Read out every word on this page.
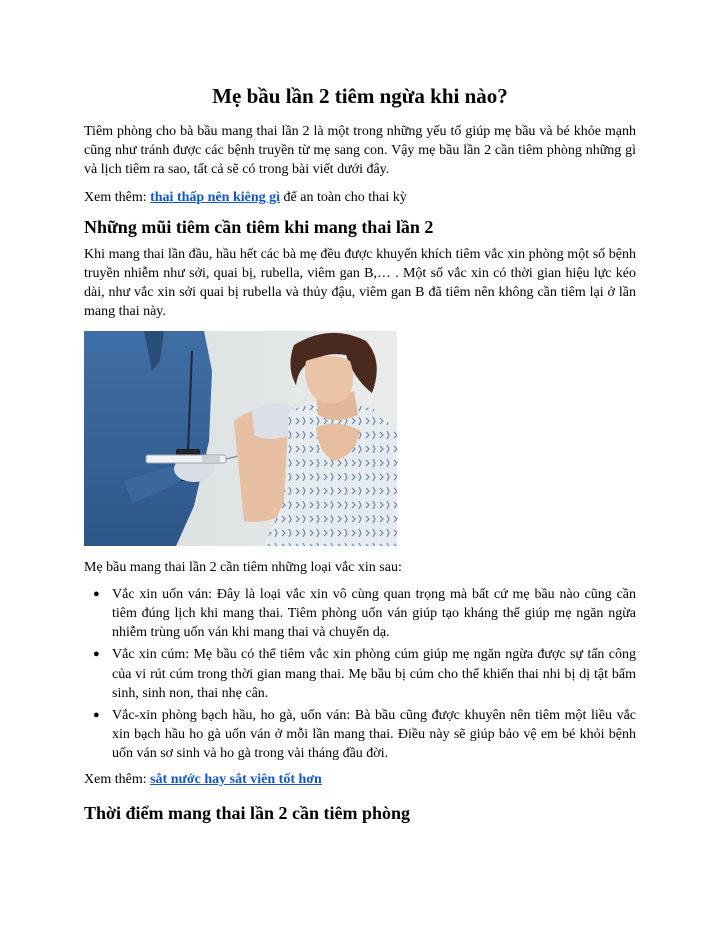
Mẹ bầu lần 2 tiêm ngừa khi nào?

Tiêm phòng cho bà bầu mang thai lần 2 là một trong những yếu tố giúp mẹ bầu và bé khỏe mạnh cũng như tránh được các bệnh truyền từ mẹ sang con. Vậy mẹ bầu lần 2 cần tiêm phòng những gì và lịch tiêm ra sao, tất cả sẽ có trong bài viết dưới đây.

Xem thêm: thai thấp nên kiêng gì để an toàn cho thai kỳ

Những mũi tiêm cần tiêm khi mang thai lần 2

Khi mang thai lần đầu, hầu hết các bà mẹ đều được khuyến khích tiêm vắc xin phòng một số bệnh truyền nhiễm như sởi, quai bị, rubella, viêm gan B,… . Một số vắc xin có thời gian hiệu lực kéo dài, như vắc xin sởi quai bị rubella và thủy đậu, viêm gan B đã tiêm nên không cần tiêm lại ở lần mang thai này.

Mẹ bầu mang thai lần 2 cần tiêm những loại vắc xin sau:

● Vắc xin uốn ván: Đây là loại vắc xin vô cùng quan trọng mà bất cứ mẹ bầu nào cũng cần tiêm đúng lịch khi mang thai. Tiêm phòng uốn ván giúp tạo kháng thể giúp mẹ ngăn ngừa nhiễm trùng uốn ván khi mang thai và chuyển dạ.
● Vắc xin cúm: Mẹ bầu có thể tiêm vắc xin phòng cúm giúp mẹ ngăn ngừa được sự tấn công của vi rút cúm trong thời gian mang thai. Mẹ bầu bị cúm cho thể khiến thai nhi bị dị tật bẩm sinh, sinh non, thai nhẹ cân.
● Vắc-xin phòng bạch hầu, ho gà, uốn ván: Bà bầu cũng được khuyên nên tiêm một liều vắc xin bạch hầu ho gà uốn ván ở mỗi lần mang thai. Điều này sẽ giúp bảo vệ em bé khỏi bệnh uốn ván sơ sinh và ho gà trong vài tháng đầu đời.

Xem thêm: sắt nước hay sắt viên tốt hơn

Thời điểm mang thai lần 2 cần tiêm phòng
